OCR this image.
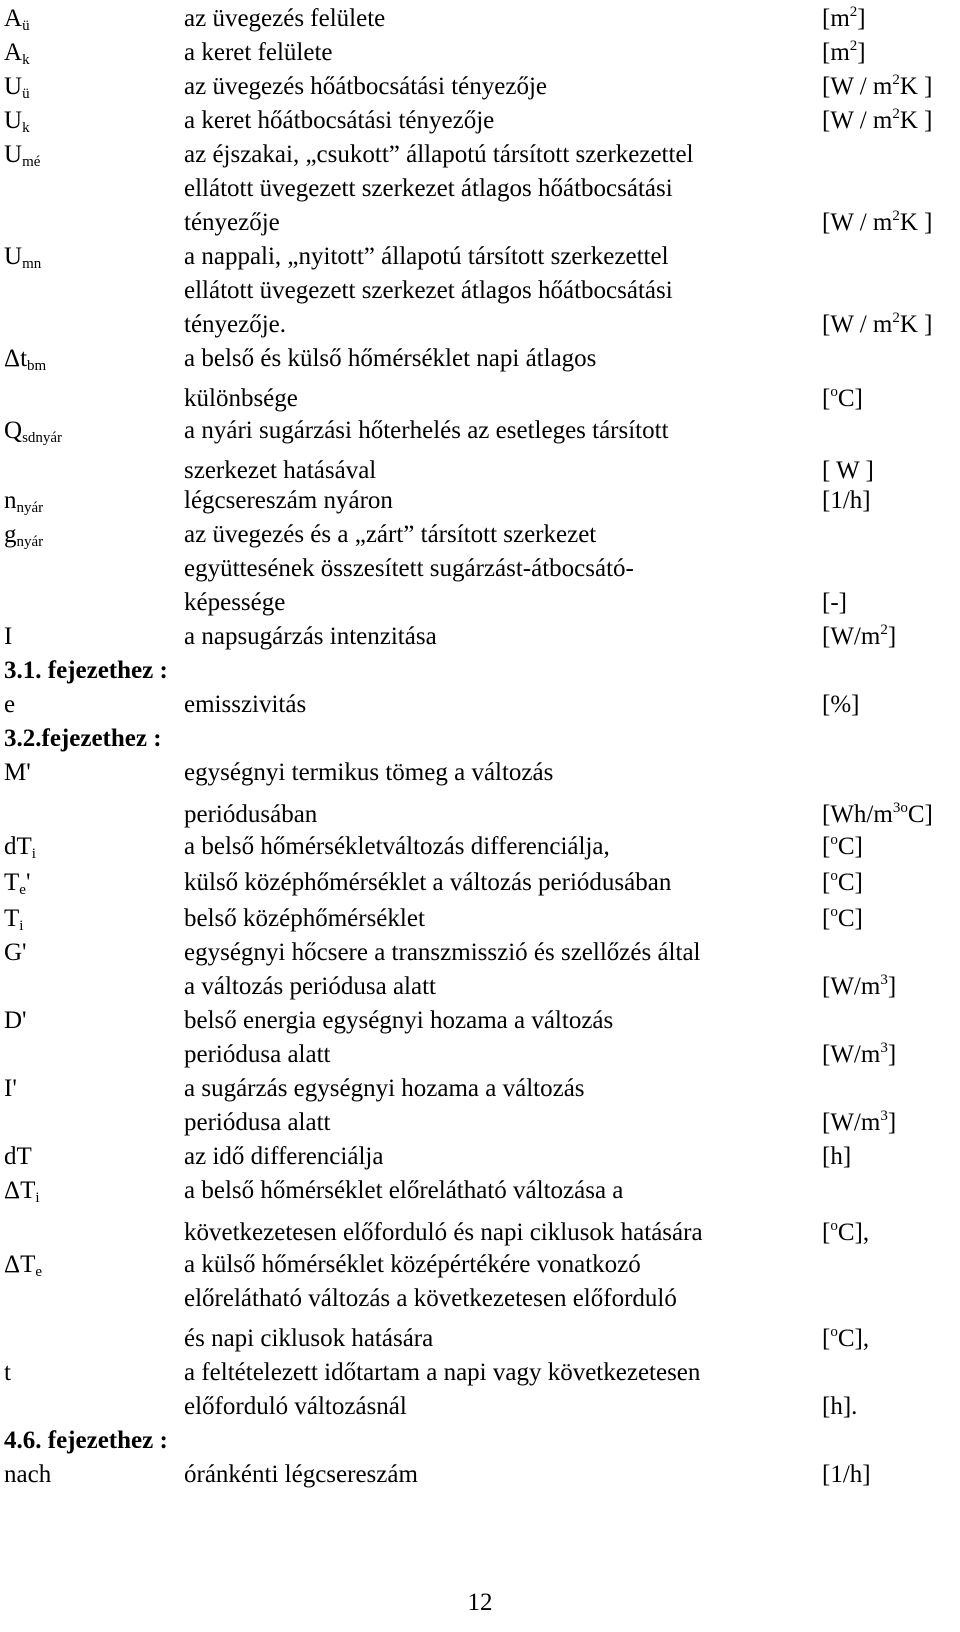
$A_ü$	az üvegezés felülete	$[m^2]$
$A_k$	a keret felülete	$[m^2]$
$U_ü$	az üvegezés hőátbocsátási tényezője	[$W / m^2K$ ]
$U_k$	a keret hőátbocsátási tényezője	[$W / m^2K$ ]
$U_{mé}$	az éjszakai, „csukott” állapotú társított szerkezettel
ellátott üvegezett szerkezet átlagos hőátbocsátási
tényezője	[$W / m^2K$ ]
$U_{mn}$	a nappali, „nyitott” állapotú társított szerkezettel
ellátott üvegezett szerkezet átlagos hőátbocsátási
tényezője.	[$W / m^2K$ ]
$\Delta t_{bm}$	a belső és külső hőmérséklet napi átlagos
különbsége	[$^o$C]
$Q_{sdnyár}$	a nyári sugárzási hőterhelés az esetleges társított
szerkezet hatásával	[ W ]
$n_{nyár}$	légcsereszám nyáron	[1/h]
$g_{nyár}$	az üvegezés és a „zárt” társított szerkezet
együttesének összesített sugárzást-átbocsátó-
képessége	[-]
I	a napsugárzás intenzitása	$[W/m^2]$
3.1. fejezethez :
e	emisszivitás	[%]
3.2.fejezethez :
M'	egységnyi termikus tömeg a változás
periódusában	$[Wh/m^{3o}C]$
$dT_i$	a belső hőmérsékletváltozás differenciálja,	[$^o$C]
$T_e'$	külső középhőmérséklet a változás periódusában	[$^o$C]
$T_i$	belső középhőmérséklet	[$^o$C]
G'	egységnyi hőcsere a transzmisszió és szellőzés által
a változás periódusa alatt	$[W/m^3]$
D'	belső energia egységnyi hozama a változás
periódusa alatt	$[W/m^3]$
I'	a sugárzás egységnyi hozama a változás
periódusa alatt	$[W/m^3]$
dT	az idő differenciálja	[h]
$\Delta T_i$	a belső hőmérséklet előrelátható változása a
következetesen előforduló és napi ciklusok hatására	[$^o$C],
$\Delta T_e$	a külső hőmérséklet középértékére vonatkozó
előrelátható változás a következetesen előforduló
és napi ciklusok hatására	[$^o$C],
t	a feltételezett időtartam a napi vagy következetesen
előforduló változásnál	[h].
4.6. fejezethez :
nach	óránkénti légcsereszám	[1/h]
12
